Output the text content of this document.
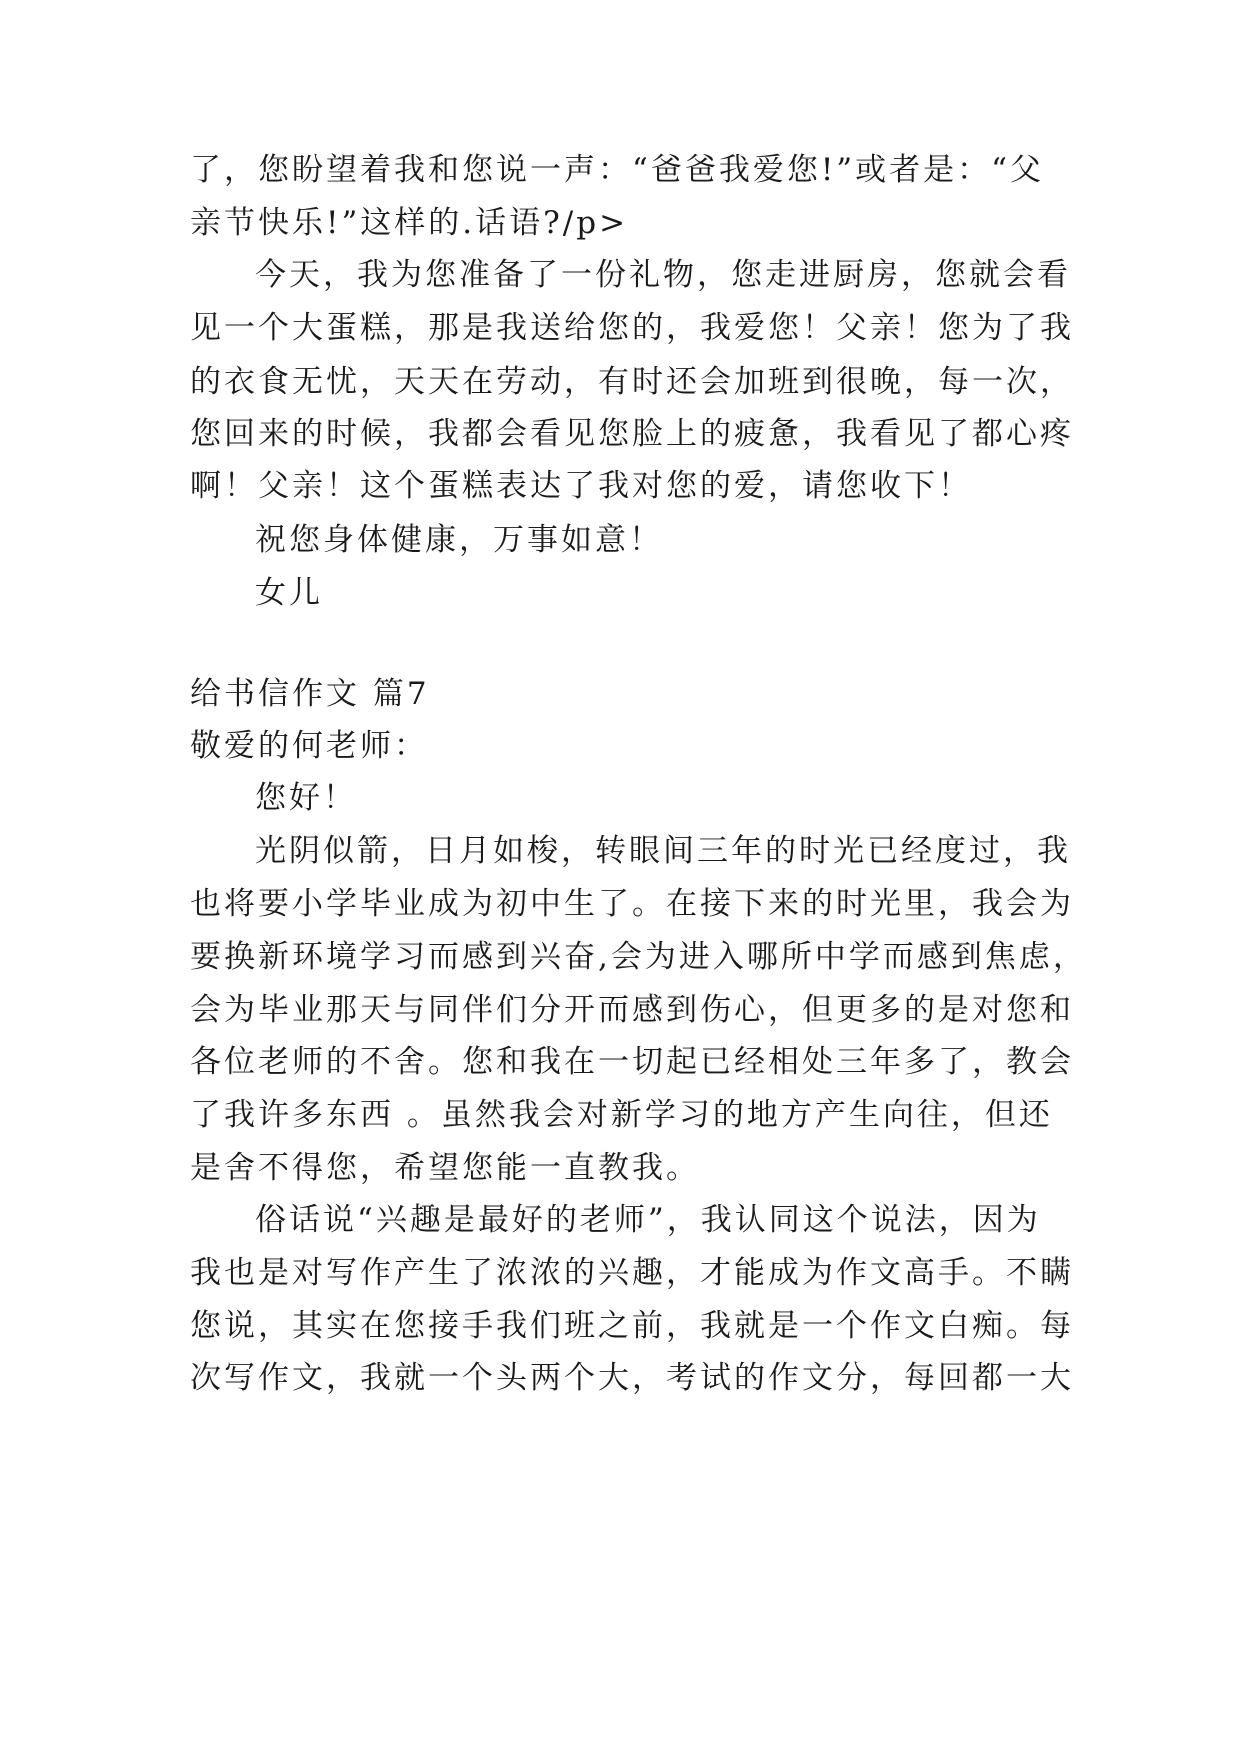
了，您盼望着我和您说一声：“爸爸我爱您!”或者是：“父
亲节快乐!”这样的.话语?/p>
今天，我为您准备了一份礼物，您走进厨房，您就会看
见一个大蛋糕，那是我送给您的，我爱您！父亲！您为了我
的衣食无忧，天天在劳动，有时还会加班到很晚，每一次，
您回来的时候，我都会看见您脸上的疲惫，我看见了都心疼
啊！父亲！这个蛋糕表达了我对您的爱，请您收下！
祝您身体健康，万事如意！
女儿
给书信作文 篇7
敬爱的何老师：
您好！
光阴似箭，日月如梭，转眼间三年的时光已经度过，我
也将要小学毕业成为初中生了。在接下来的时光里，我会为
要换新环境学习而感到兴奋,会为进入哪所中学而感到焦虑，
会为毕业那天与同伴们分开而感到伤心，但更多的是对您和
各位老师的不舍。您和我在一切起已经相处三年多了，教会
了我许多东西 。虽然我会对新学习的地方产生向往，但还
是舍不得您，希望您能一直教我。
俗话说“兴趣是最好的老师”，我认同这个说法，因为
我也是对写作产生了浓浓的兴趣，才能成为作文高手。不瞒
您说，其实在您接手我们班之前，我就是一个作文白痴。每
次写作文，我就一个头两个大，考试的作文分，每回都一大
